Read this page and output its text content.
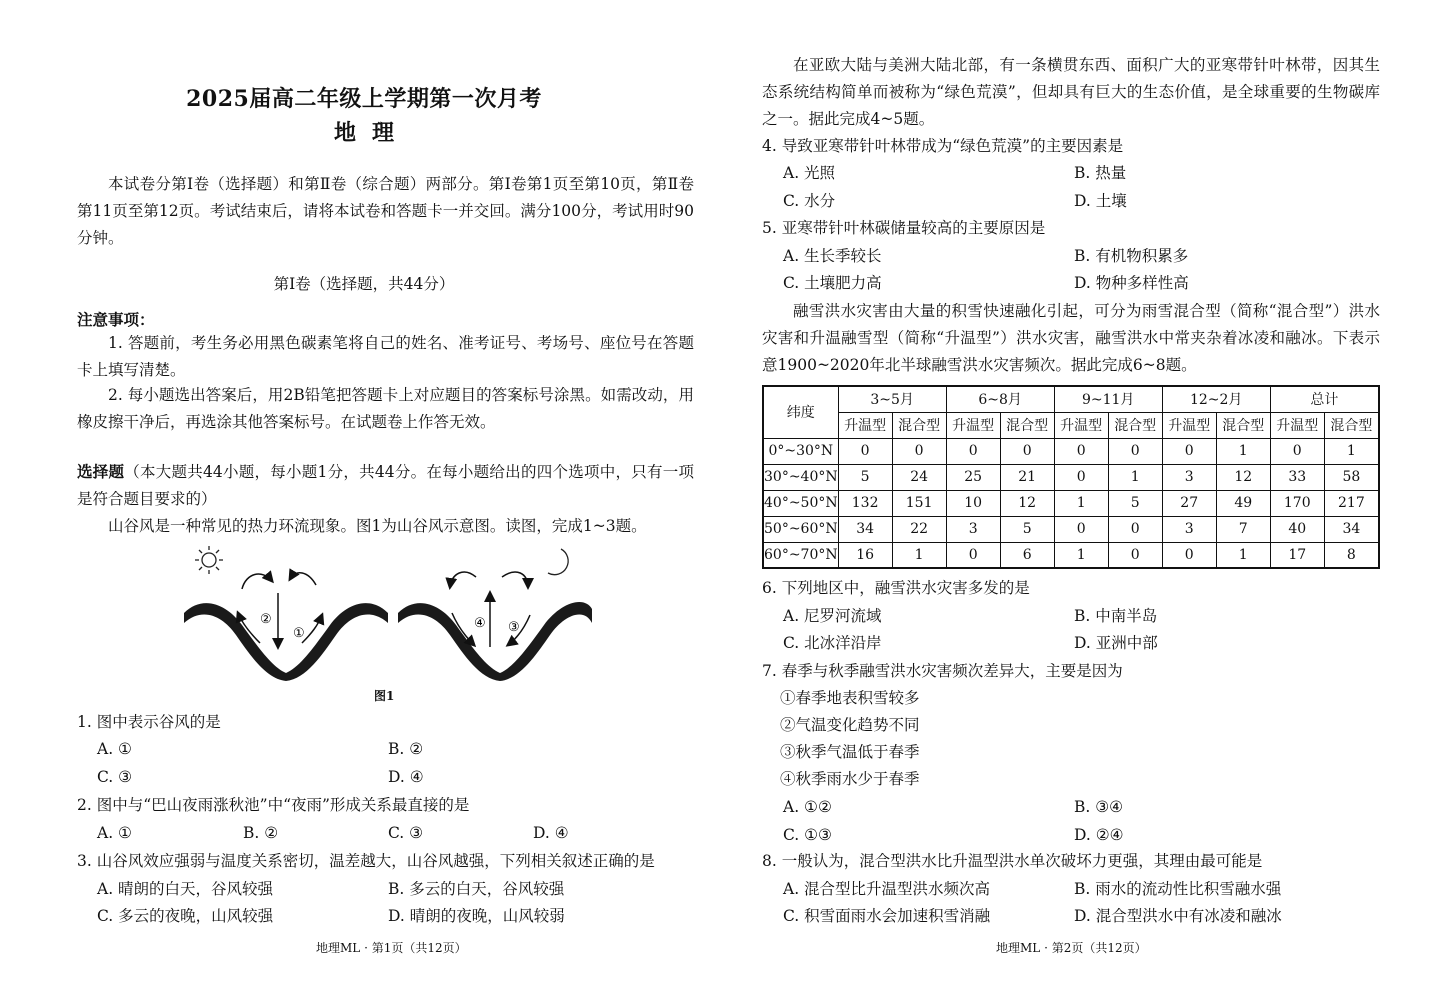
2025届高二年级上学期第一次月考
地理
本试卷分第Ⅰ卷（选择题）和第Ⅱ卷（综合题）两部分。第Ⅰ卷第1页至第10页，第Ⅱ卷第11页至第12页。考试结束后，请将本试卷和答题卡一并交回。满分100分，考试用时90分钟。
第Ⅰ卷（选择题，共44分）
注意事项：
1. 答题前，考生务必用黑色碳素笔将自己的姓名、准考证号、考场号、座位号在答题卡上填写清楚。
2. 每小题选出答案后，用2B铅笔把答题卡上对应题目的答案标号涂黑。如需改动，用橡皮擦干净后，再选涂其他答案标号。在试题卷上作答无效。
选择题（本大题共44小题，每小题1分，共44分。在每小题给出的四个选项中，只有一项是符合题目要求的）
山谷风是一种常见的热力环流现象。图1为山谷风示意图。读图，完成1~3题。
②
①
④ ③
图1
1. 图中表示谷风的是
A. ①	B. ②
C. ③	D. ④
2. 图中与“巴山夜雨涨秋池”中“夜雨”形成关系最直接的是
A. ①	B. ②	C. ③	D. ④
3. 山谷风效应强弱与温度关系密切，温差越大，山谷风越强，下列相关叙述正确的是
A. 晴朗的白天，谷风较强	B. 多云的白天，谷风较强
C. 多云的夜晚，山风较强	D. 晴朗的夜晚，山风较弱
地理ML · 第1页（共12页）
在亚欧大陆与美洲大陆北部，有一条横贯东西、面积广大的亚寒带针叶林带，因其生态系统结构简单而被称为“绿色荒漠”，但却具有巨大的生态价值，是全球重要的生物碳库之一。据此完成4~5题。
4. 导致亚寒带针叶林带成为“绿色荒漠”的主要因素是
A. 光照	B. 热量
C. 水分	D. 土壤
5. 亚寒带针叶林碳储量较高的主要原因是
A. 生长季较长	B. 有机物积累多
C. 土壤肥力高	D. 物种多样性高
融雪洪水灾害由大量的积雪快速融化引起，可分为雨雪混合型（简称“混合型”）洪水灾害和升温融雪型（简称“升温型”）洪水灾害，融雪洪水中常夹杂着冰凌和融冰。下表示意1900~2020年北半球融雪洪水灾害频次。据此完成6~8题。
纬度	3~5月		6~8月		9~11月		12~2月		总计	
	升温型	混合型	升温型	混合型	升温型	混合型	升温型	混合型	升温型	混合型
0°~30°N	0	0	0	0	0	0	0	1	0	1
30°~40°N	5	24	25	21	0	1	3	12	33	58
40°~50°N	132	151	10	12	1	5	27	49	170	217
50°~60°N	34	22	3	5	0	0	3	7	40	34
60°~70°N	16	1	0	6	1	0	0	1	17	8
6. 下列地区中，融雪洪水灾害多发的是
A. 尼罗河流域	B. 中南半岛
C. 北冰洋沿岸	D. 亚洲中部
7. 春季与秋季融雪洪水灾害频次差异大，主要是因为
①春季地表积雪较多
②气温变化趋势不同
③秋季气温低于春季
④秋季雨水少于春季
A. ①②	B. ③④
C. ①③	D. ②④
8. 一般认为，混合型洪水比升温型洪水单次破坏力更强，其理由最可能是
A. 混合型比升温型洪水频次高	B. 雨水的流动性比积雪融水强
C. 积雪面雨水会加速积雪消融	D. 混合型洪水中有冰凌和融冰
地理ML · 第2页（共12页）
